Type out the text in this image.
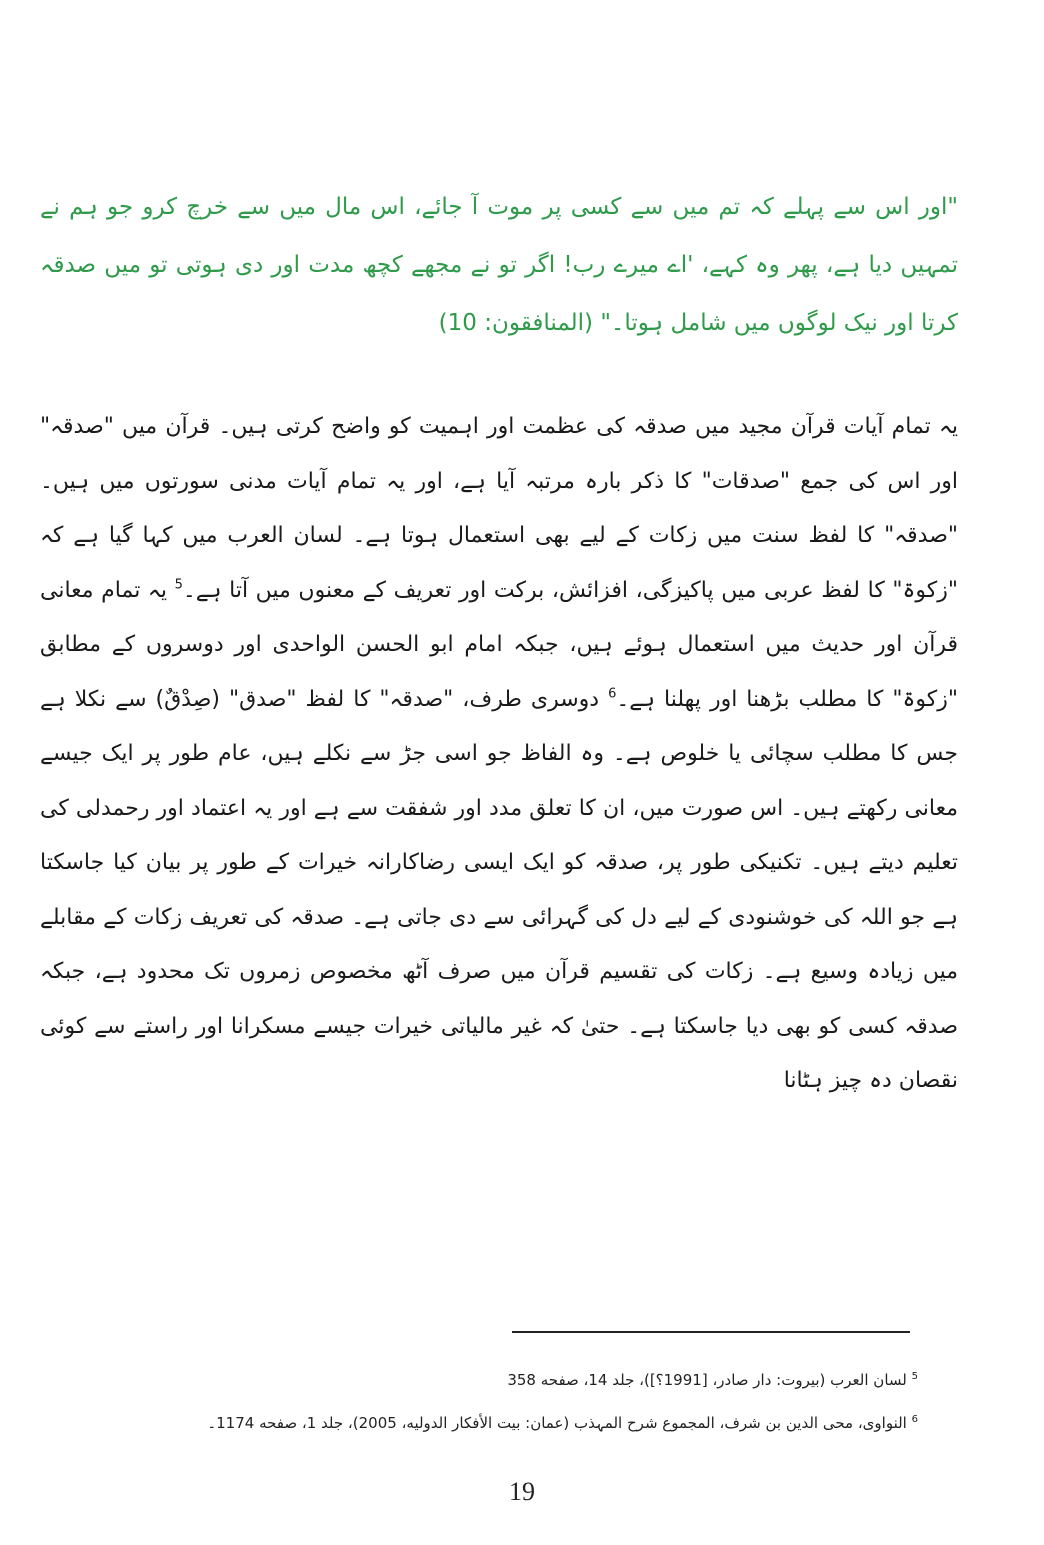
"اور اس سے پہلے کہ تم میں سے کسی پر موت آ جائے، اس مال میں سے خرچ کرو جو ہم نے تمہیں دیا ہے، پھر وہ کہے، 'اے میرے رب! اگر تو نے مجھے کچھ مدت اور دی ہوتی تو میں صدقہ کرتا اور نیک لوگوں میں شامل ہوتا۔" (المنافقون: 10)

یہ تمام آیات قرآن مجید میں صدقہ کی عظمت اور اہمیت کو واضح کرتی ہیں۔ قرآن میں "صدقہ" اور اس کی جمع "صدقات" کا ذکر بارہ مرتبہ آیا ہے، اور یہ تمام آیات مدنی سورتوں میں ہیں۔ "صدقہ" کا لفظ سنت میں زکات کے لیے بھی استعمال ہوتا ہے۔ لسان العرب میں کہا گیا ہے کہ "زکوۃ" کا لفظ عربی میں پاکیزگی، افزائش، برکت اور تعریف کے معنوں میں آتا ہے۔$^5$ یہ تمام معانی قرآن اور حدیث میں استعمال ہوئے ہیں، جبکہ امام ابو الحسن الواحدی اور دوسروں کے مطابق "زکوۃ" کا مطلب بڑھنا اور پھلنا ہے۔$^6$ دوسری طرف، "صدقہ" کا لفظ "صدق" (صِدْقٌ) سے نکلا ہے جس کا مطلب سچائی یا خلوص ہے۔ وہ الفاظ جو اسی جڑ سے نکلے ہیں، عام طور پر ایک جیسے معانی رکھتے ہیں۔ اس صورت میں، ان کا تعلق مدد اور شفقت سے ہے اور یہ اعتماد اور رحمدلی کی تعلیم دیتے ہیں۔ تکنیکی طور پر، صدقہ کو ایک ایسی رضاکارانہ خیرات کے طور پر بیان کیا جاسکتا ہے جو اللہ کی خوشنودی کے لیے دل کی گہرائی سے دی جاتی ہے۔ صدقہ کی تعریف زکات کے مقابلے میں زیادہ وسیع ہے۔ زکات کی تقسیم قرآن میں صرف آٹھ مخصوص زمروں تک محدود ہے، جبکہ صدقہ کسی کو بھی دیا جاسکتا ہے۔ حتیٰ کہ غیر مالیاتی خیرات جیسے مسکرانا اور راستے سے کوئی نقصان دہ چیز ہٹانا

$^5$ لسان العرب (بیروت: دار صادر، [1991؟])، جلد 14، صفحه 358
$^6$ النواوی، محی الدین بن شرف، المجموع شرح المہذب (عمان: بیت الأفکار الدولیه، 2005)، جلد 1، صفحه 1174۔
19
